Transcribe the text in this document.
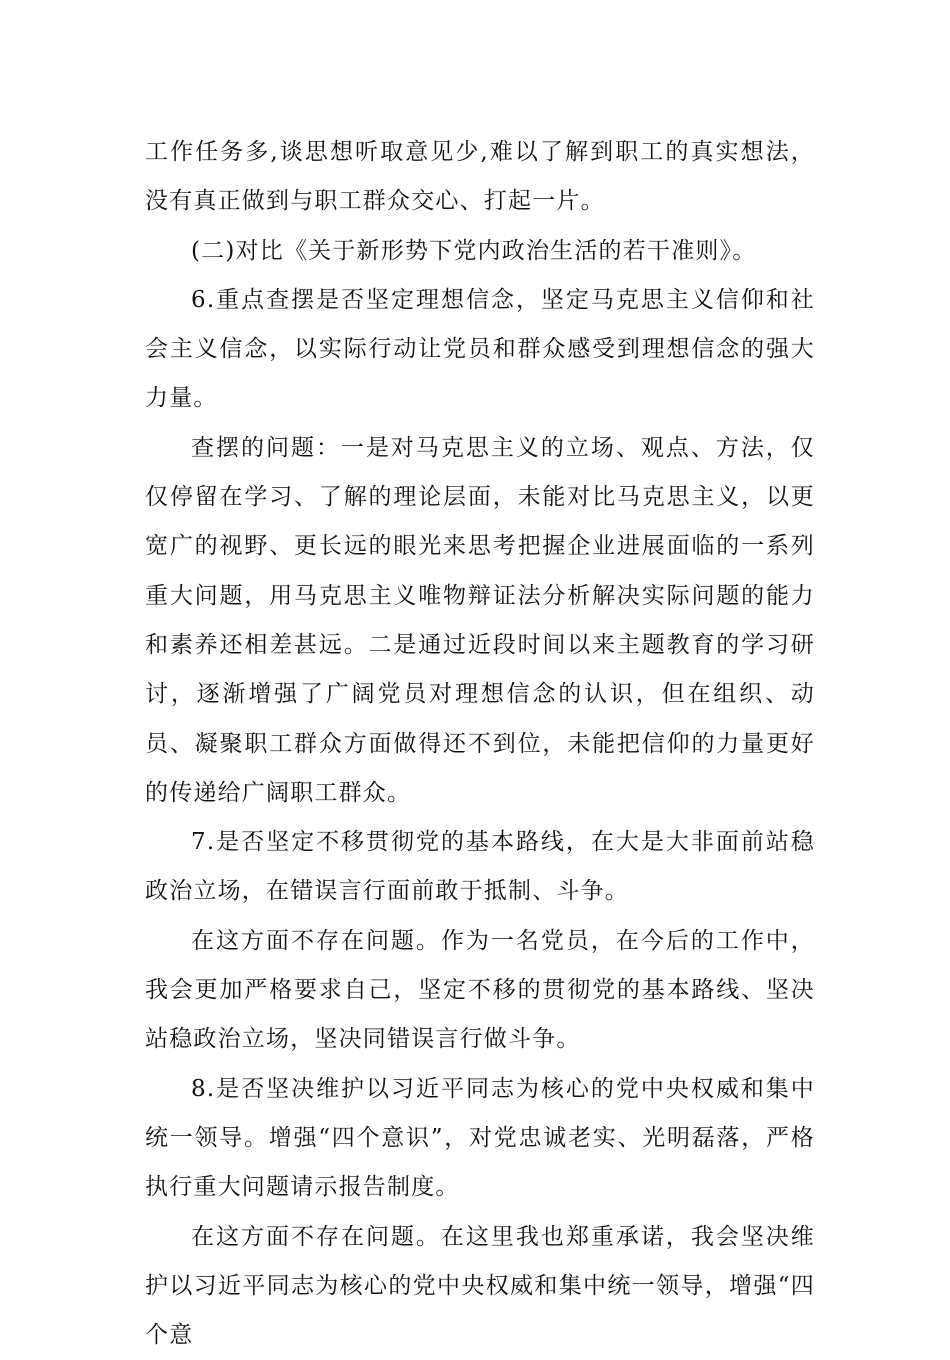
工作任务多,谈思想听取意见少,难以了解到职工的真实想法，没有真正做到与职工群众交心、打起一片。

(二)对比《关于新形势下党内政治生活的若干准则》。

6.重点查摆是否坚定理想信念，坚定马克思主义信仰和社会主义信念，以实际行动让党员和群众感受到理想信念的强大力量。

查摆的问题：一是对马克思主义的立场、观点、方法，仅仅停留在学习、了解的理论层面，未能对比马克思主义，以更宽广的视野、更长远的眼光来思考把握企业进展面临的一系列重大问题，用马克思主义唯物辩证法分析解决实际问题的能力和素养还相差甚远。二是通过近段时间以来主题教育的学习研讨，逐渐增强了广阔党员对理想信念的认识，但在组织、动员、凝聚职工群众方面做得还不到位，未能把信仰的力量更好的传递给广阔职工群众。

7.是否坚定不移贯彻党的基本路线，在大是大非面前站稳政治立场，在错误言行面前敢于抵制、斗争。

在这方面不存在问题。作为一名党员，在今后的工作中，我会更加严格要求自己，坚定不移的贯彻党的基本路线、坚决站稳政治立场，坚决同错误言行做斗争。

8.是否坚决维护以习近平同志为核心的党中央权威和集中统一领导。增强“四个意识”，对党忠诚老实、光明磊落，严格执行重大问题请示报告制度。

在这方面不存在问题。在这里我也郑重承诺，我会坚决维护以习近平同志为核心的党中央权威和集中统一领导，增强“四个意
